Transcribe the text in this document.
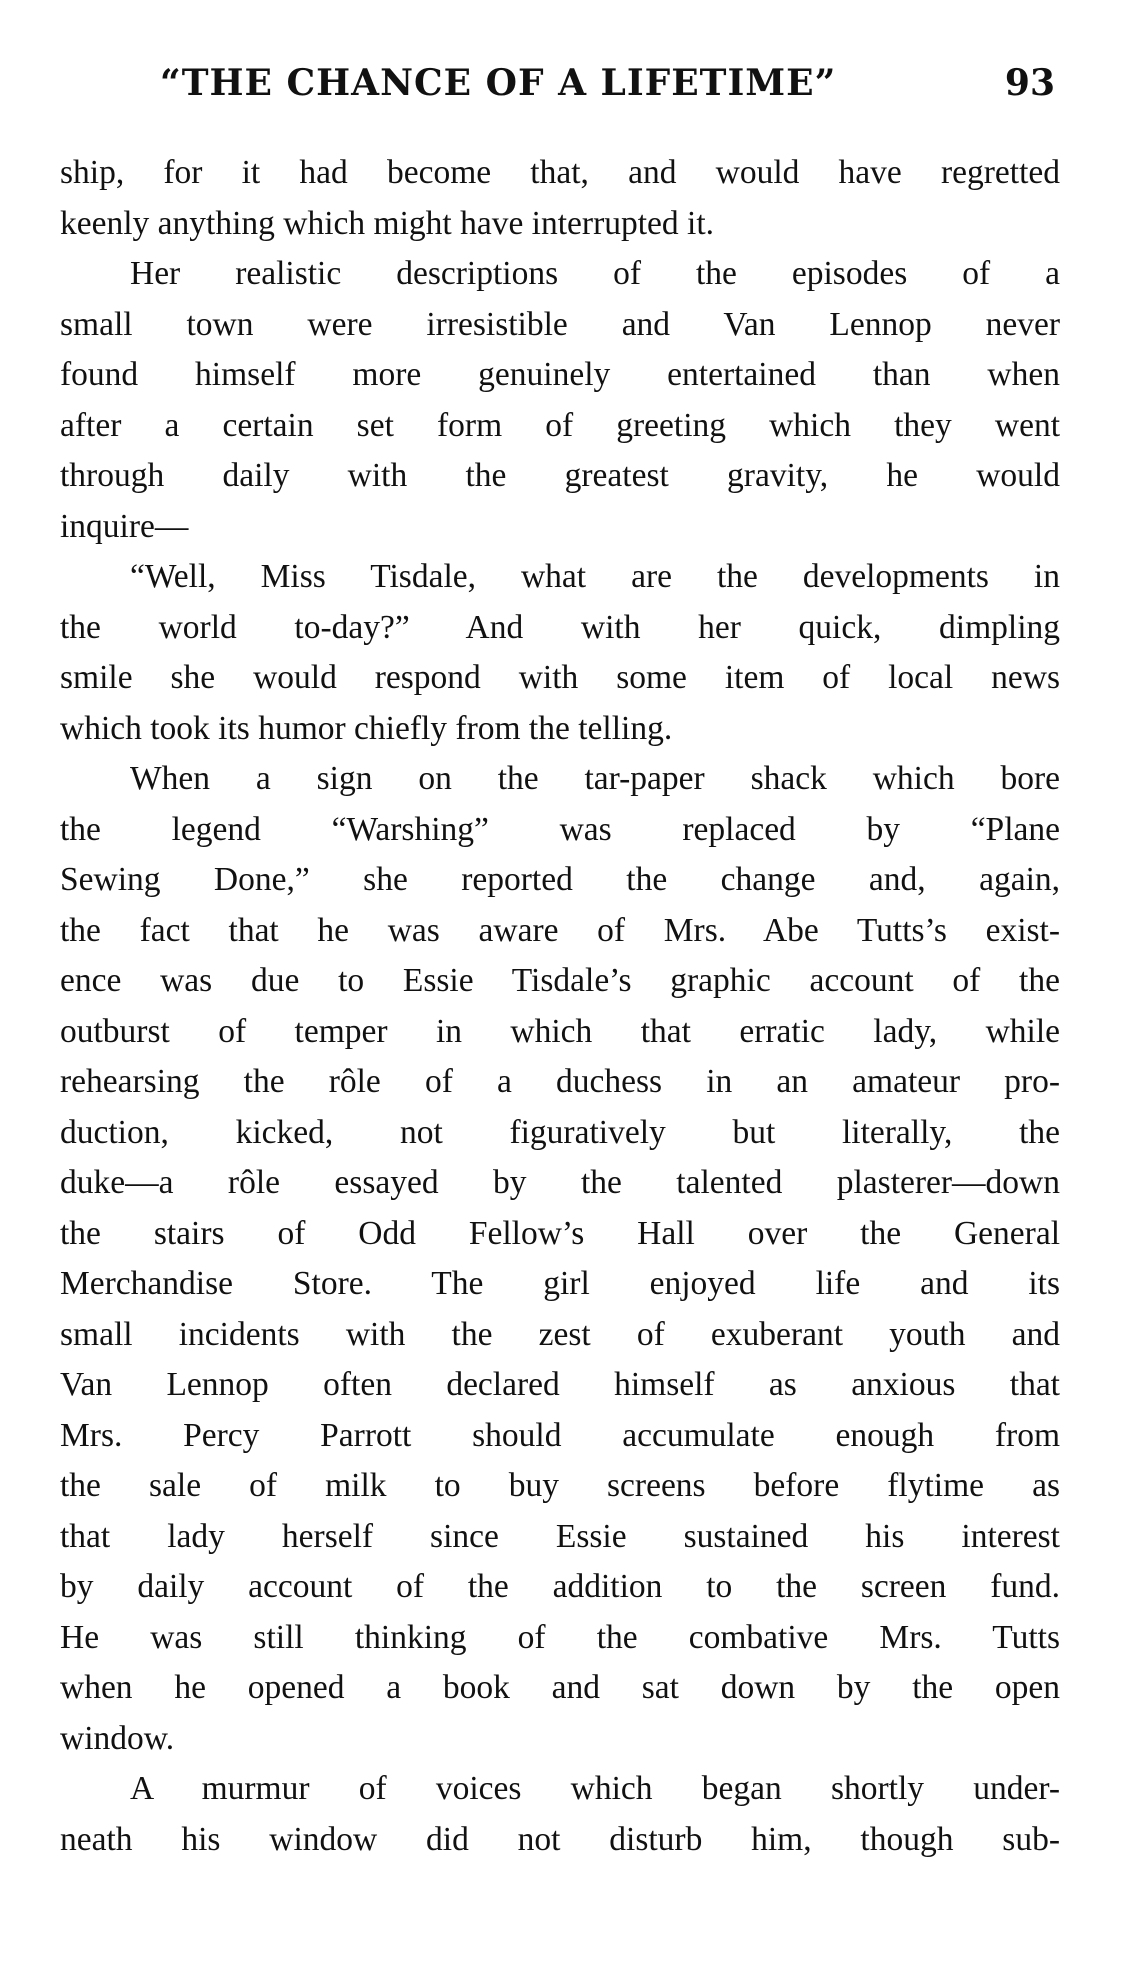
“THE CHANCE OF A LIFETIME”	93
ship, for it had become that, and would have regretted
keenly anything which might have interrupted it.
Her realistic descriptions of the episodes of a
small town were irresistible and Van Lennop never
found himself more genuinely entertained than when
after a certain set form of greeting which they went
through daily with the greatest gravity, he would
inquire—
“Well, Miss Tisdale, what are the developments in
the world to-day?” And with her quick, dimpling
smile she would respond with some item of local news
which took its humor chiefly from the telling.
When a sign on the tar-paper shack which bore
the legend “Warshing” was replaced by “Plane
Sewing Done,” she reported the change and, again,
the fact that he was aware of Mrs. Abe Tutts’s exist-
ence was due to Essie Tisdale’s graphic account of the
outburst of temper in which that erratic lady, while
rehearsing the rôle of a duchess in an amateur pro-
duction, kicked, not figuratively but literally, the
duke—a rôle essayed by the talented plasterer—down
the stairs of Odd Fellow’s Hall over the General
Merchandise Store. The girl enjoyed life and its
small incidents with the zest of exuberant youth and
Van Lennop often declared himself as anxious that
Mrs. Percy Parrott should accumulate enough from
the sale of milk to buy screens before flytime as
that lady herself since Essie sustained his interest
by daily account of the addition to the screen fund.
He was still thinking of the combative Mrs. Tutts
when he opened a book and sat down by the open
window.
A murmur of voices which began shortly under-
neath his window did not disturb him, though sub-
